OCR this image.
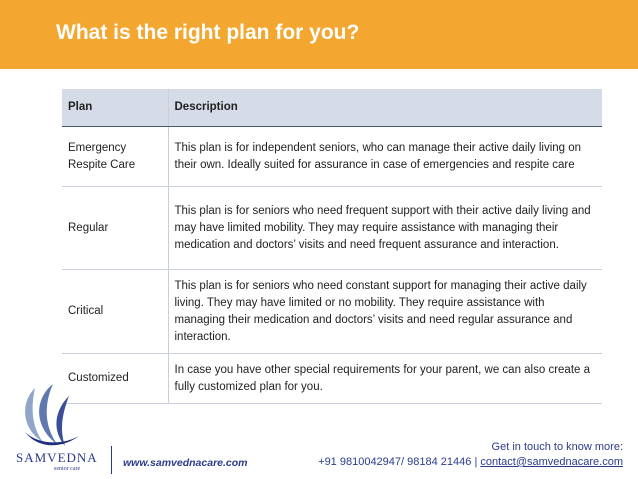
What is the right plan for you?
Plan	Description
Emergency Respite Care	This plan is for independent seniors, who can manage their active daily living on their own. Ideally suited for assurance in case of emergencies and respite care
Regular	This plan is for seniors who need frequent support with their active daily living and may have limited mobility. They may require assistance with managing their medication and doctors’ visits and need frequent assurance and interaction.
Critical	This plan is for seniors who need constant support for managing their active daily living. They may have limited or no mobility. They require assistance with managing their medication and doctors’ visits and need regular assurance and interaction.
Customized	In case you have other special requirements for your parent, we can also create a fully customized plan for you.
SAMVEDNA
senior care	www.samvednacare.com
Get in touch to know more:
+91 9810042947/ 98184 21446 | contact@samvednacare.com
